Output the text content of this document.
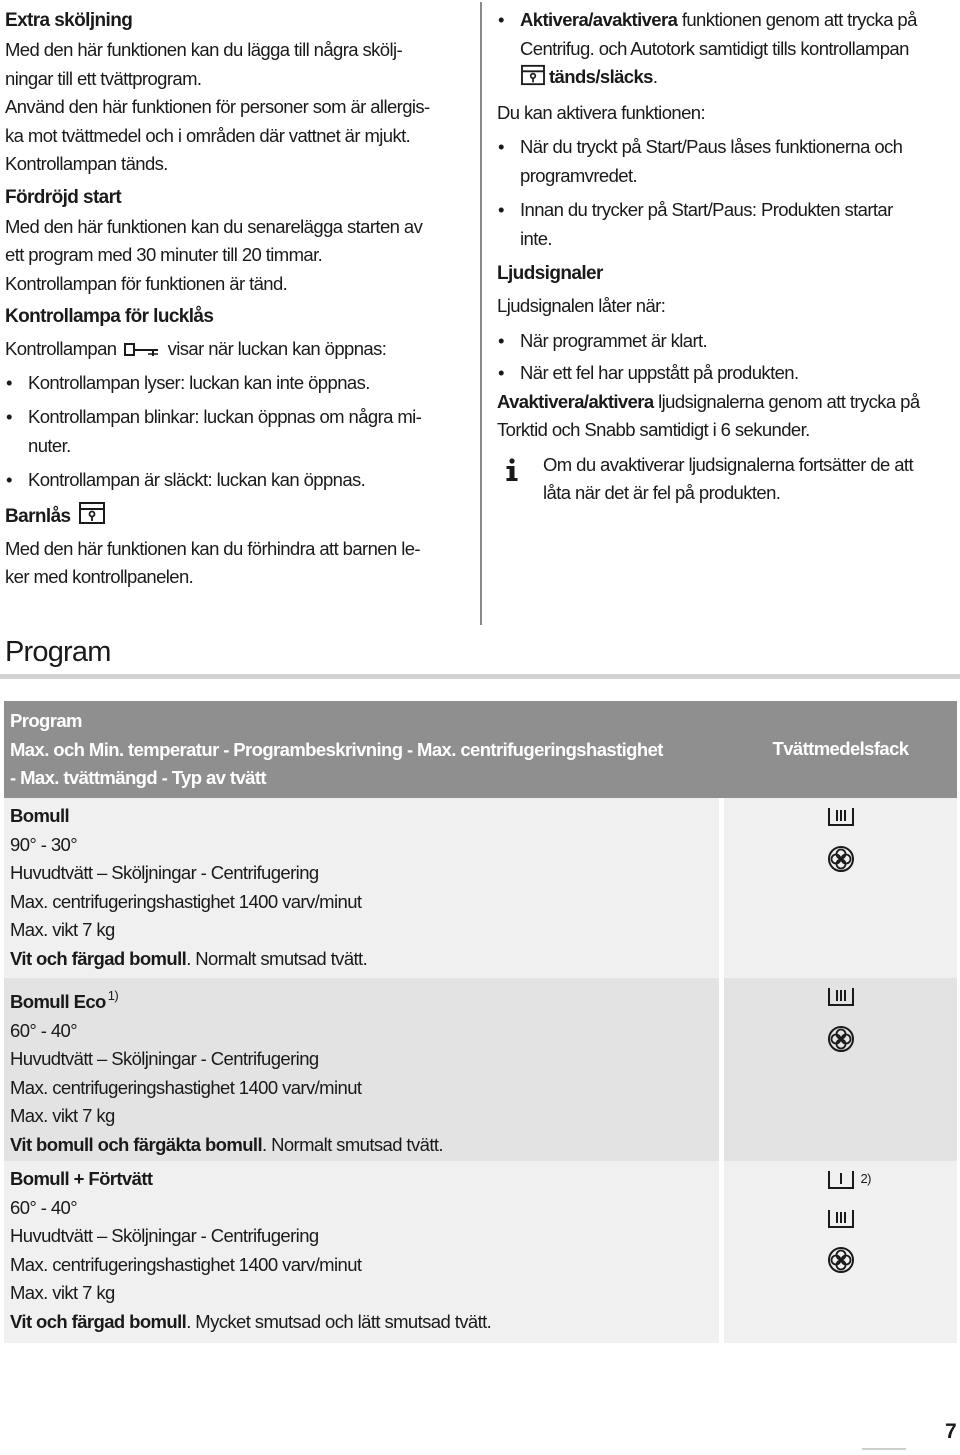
Extra sköljning

Med den här funktionen kan du lägga till några skölj-

ningar till ett tvättprogram.

Använd den här funktionen för personer som är allergis-

ka mot tvättmedel och i områden där vattnet är mjukt.

Kontrollampan tänds.

Fördröjd start

Med den här funktionen kan du senarelägga starten av

ett program med 30 minuter till 20 timmar.

Kontrollampan för funktionen är tänd.

Kontrollampa för lucklås

Kontrollampan	visar när luckan kan öppnas:

• Kontrollampan lyser: luckan kan inte öppnas.
• Kontrollampan blinkar: luckan öppnas om några mi-
nuter.
• Kontrollampan är släckt: luckan kan öppnas.
Barnlås

Med den här funktionen kan du förhindra att barnen le-

ker med kontrollpanelen.

• Aktivera/avaktivera funktionen genom att trycka på
Centrifug. och Autotork samtidigt tills kontrollampan
tänds/släcks.

Du kan aktivera funktionen:

• När du tryckt på Start/Paus låses funktionerna och
programvredet.
• Innan du trycker på Start/Paus: Produkten startar
inte.
Ljudsignaler

Ljudsignalen låter när:

• När programmet är klart.
• När ett fel har uppstått på produkten.

Avaktivera/aktivera ljudsignalerna genom att trycka på
Torktid och Snabb samtidigt i 6 sekunder.

Om du avaktiverar ljudsignalerna fortsätter de att

låta när det är fel på produkten.

Program

Program

Max. och Min. temperatur - Programbeskrivning - Max. centrifugeringshastighet

- Max. tvättmängd - Typ av tvätt

Tvättmedelsfack

Bomull

90° - 30°

Huvudtvätt – Sköljningar - Centrifugering

Max. centrifugeringshastighet 1400 varv/minut

Max. vikt 7 kg

Vit och färgad bomull. Normalt smutsad tvätt.

Bomull Eco $^{1)}$

60° - 40°

Huvudtvätt – Sköljningar - Centrifugering

Max. centrifugeringshastighet 1400 varv/minut

Max. vikt 7 kg

Vit bomull och färgäkta bomull. Normalt smutsad tvätt.

Bomull + Förtvätt

60° - 40°

Huvudtvätt – Sköljningar - Centrifugering

Max. centrifugeringshastighet 1400 varv/minut

Max. vikt 7 kg

Vit och färgad bomull. Mycket smutsad och lätt smutsad tvätt.

2)
7
